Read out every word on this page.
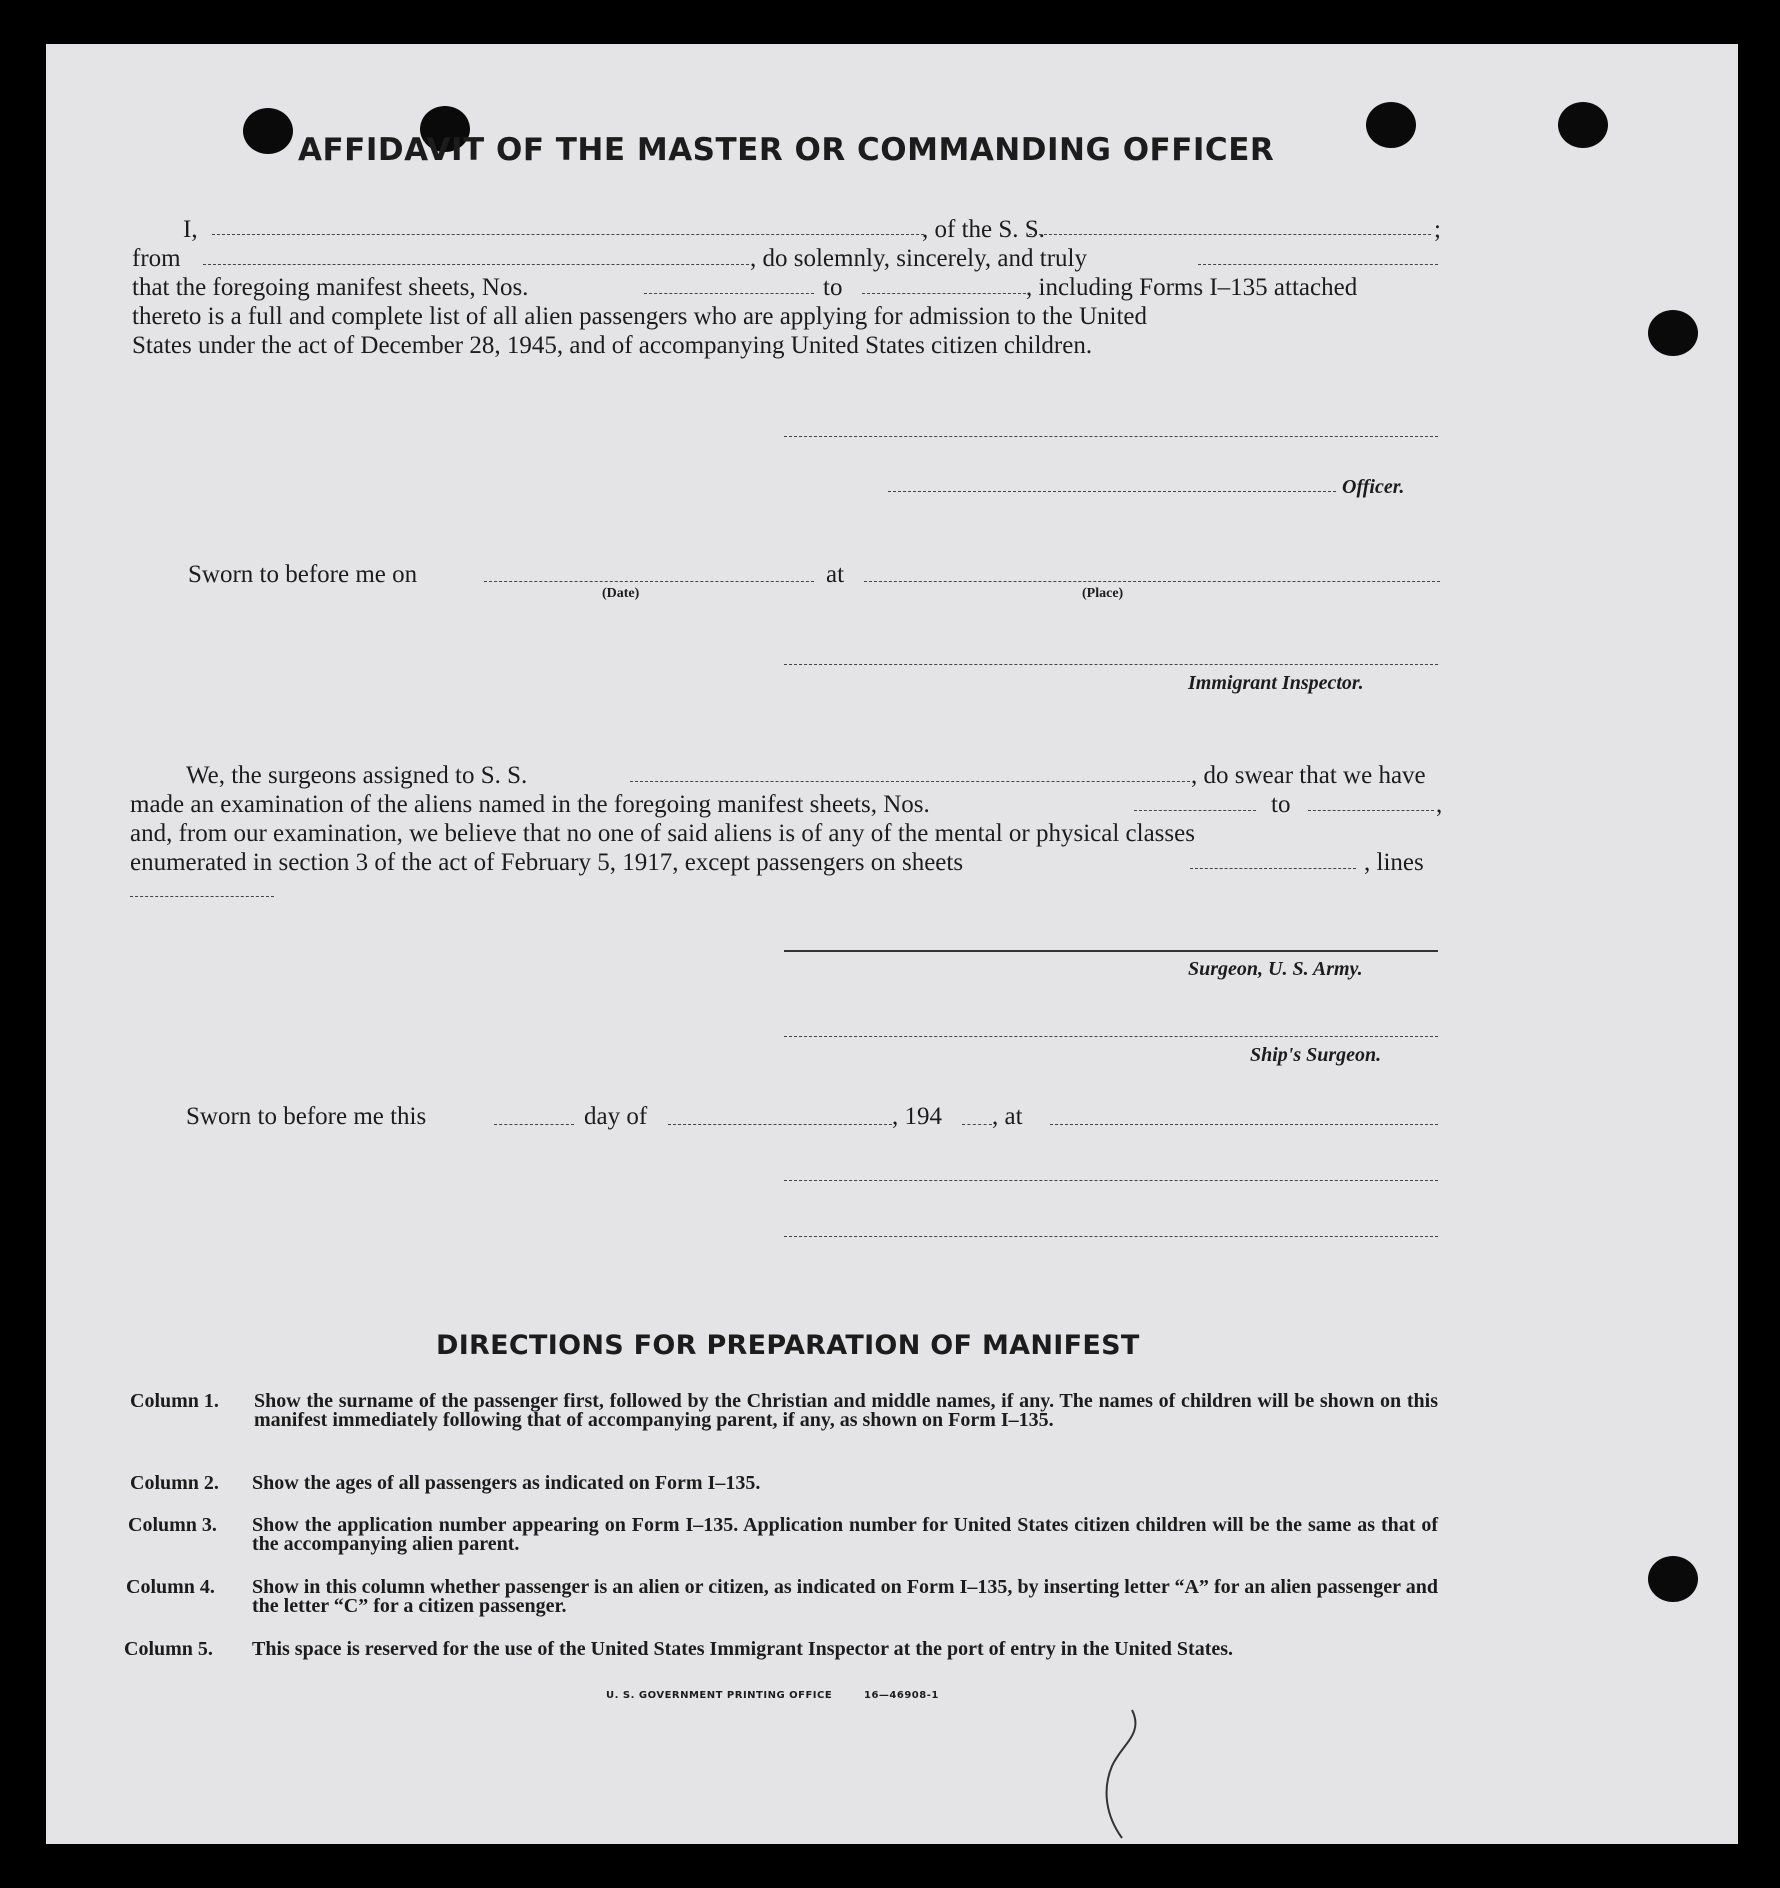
AFFIDAVIT OF THE MASTER OR COMMANDING OFFICER
I,	, of the S. S.	;
from	, do solemnly, sincerely, and truly
that the foregoing manifest sheets, Nos.	to	, including Forms I–135 attached
thereto is a full and complete list of all alien passengers who are applying for admission to the United
States under the act of December 28, 1945, and of accompanying United States citizen children.
Officer.
Sworn to before me on
(Date)
at
(Place)
Immigrant Inspector.
We, the surgeons assigned to S. S.	, do swear that we have
made an examination of the aliens named in the foregoing manifest sheets, Nos.	to	,
and, from our examination, we believe that no one of said aliens is of any of the mental or physical classes
enumerated in section 3 of the act of February 5, 1917, except passengers on sheets	, lines
Surgeon, U. S. Army.
Ship's Surgeon.
Sworn to before me this	day of	, 194 , at
DIRECTIONS FOR PREPARATION OF MANIFEST
Column 1. Show the surname of the passenger first, followed by the Christian and middle names, if any. The names of children will be shown on this manifest immediately following that of accompanying parent, if any, as shown on Form I–135.
Column 2. Show the ages of all passengers as indicated on Form I–135.
Column 3. Show the application number appearing on Form I–135. Application number for United States citizen children will be the same as that of the accompanying alien parent.
Column 4. Show in this column whether passenger is an alien or citizen, as indicated on Form I–135, by inserting letter “A” for an alien passenger and the letter “C” for a citizen passenger.
Column 5. This space is reserved for the use of the United States Immigrant Inspector at the port of entry in the United States.
U. S. GOVERNMENT PRINTING OFFICE	16—46908-1
